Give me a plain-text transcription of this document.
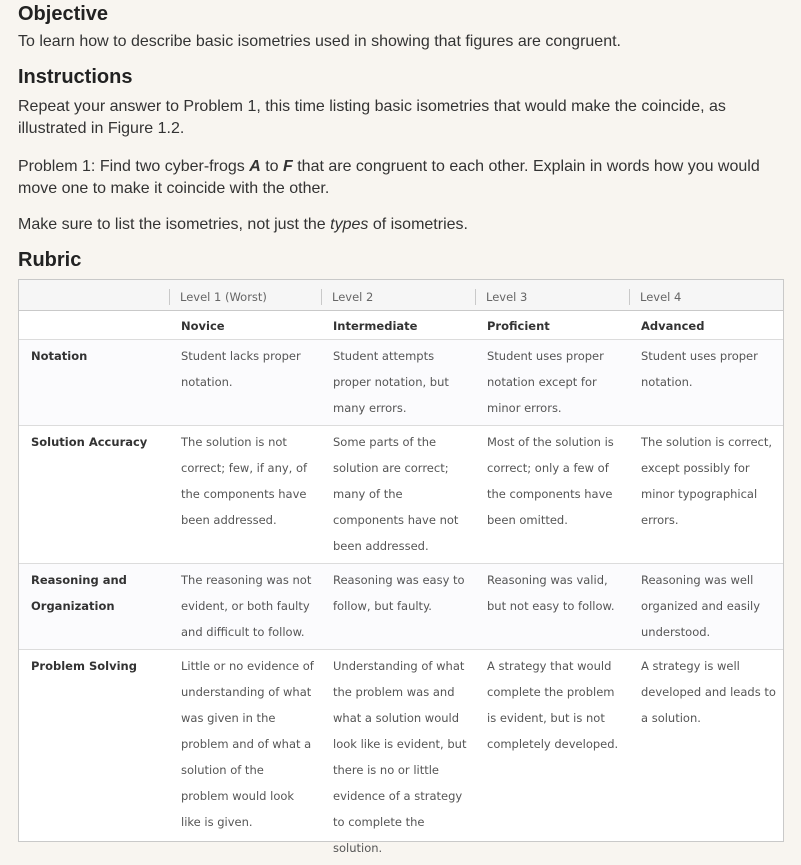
Objective

To learn how to describe basic isometries used in showing that figures are congruent.

Instructions

Repeat your answer to Problem 1, this time listing basic isometries that would make the coincide, as illustrated in Figure 1.2.

Problem 1: Find two cyber-frogs A to F that are congruent to each other. Explain in words how you would move one to make it coincide with the other.

Make sure to list the isometries, not just the types of isometries.

Rubric

	Level 1 (Worst)	Level 2	Level 3	Level 4

	Novice	Intermediate	Proficient	Advanced

Notation	Student lacks proper notation.	Student attempts proper notation, but many errors.	Student uses proper notation except for minor errors.	Student uses proper notation.

Solution Accuracy	The solution is not correct; few, if any, of the components have been addressed.	Some parts of the solution are correct; many of the components have not been addressed.	Most of the solution is correct; only a few of the components have been omitted.	The solution is correct, except possibly for minor typographical errors.

Reasoning and Organization	The reasoning was not evident, or both faulty and difficult to follow.	Reasoning was easy to follow, but faulty.	Reasoning was valid, but not easy to follow.	Reasoning was well organized and easily understood.

Problem Solving	Little or no evidence of understanding of what was given in the problem and of what a solution of the problem would look like is given.	Understanding of what the problem was and what a solution would look like is evident, but there is no or little evidence of a strategy to complete the solution.	A strategy that would complete the problem is evident, but is not completely developed.	A strategy is well developed and leads to a solution.
